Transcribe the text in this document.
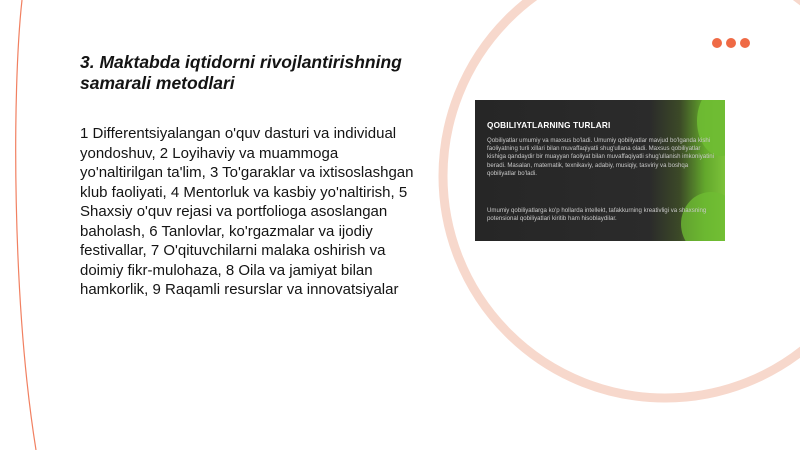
3. Maktabda iqtidorni rivojlantirishning samarali metodlari

1 Differentsiyalangan o'quv dasturi va individual yondoshuv, 2 Loyihaviy va muammoga yo'naltirilgan ta'lim, 3 To'garaklar va ixtisoslashgan klub faoliyati, 4 Mentorluk va kasbiy yo'naltirish, 5 Shaxsiy o'quv rejasi va portfolioga asoslangan baholash, 6 Tanlovlar, ko'rgazmalar va ijodiy festivallar, 7 O'qituvchilarni malaka oshirish va doimiy fikr-mulohaza, 8 Oila va jamiyat bilan hamkorlik, 9 Raqamli resurslar va innovatsiyalar

QOBILIYATLARNING TURLARI

Qobiliyatlar umumiy va maxsus bo'ladi. Umumiy qobiliyatlar mavjud bo'lganda kishi faoliyatning turli xillari bilan muvaffaqiyatli shug'ullana oladi. Maxsus qobiliyatlar kishiga qandaydir bir muayyan faoliyat bilan muvaffaqiyatli shug'ullanish imkoniyatini beradi. Masalan, matematik, texnikaviy, adabiy, musiqiy, tasviriy va boshqa qobiliyatlar bo'ladi.

Umumiy qobiliyatlarga ko'p hollarda intellekt, tafakkurning kreativligi va shaxsning potensional qobiliyatlari kiritib ham hisoblaydilar.
